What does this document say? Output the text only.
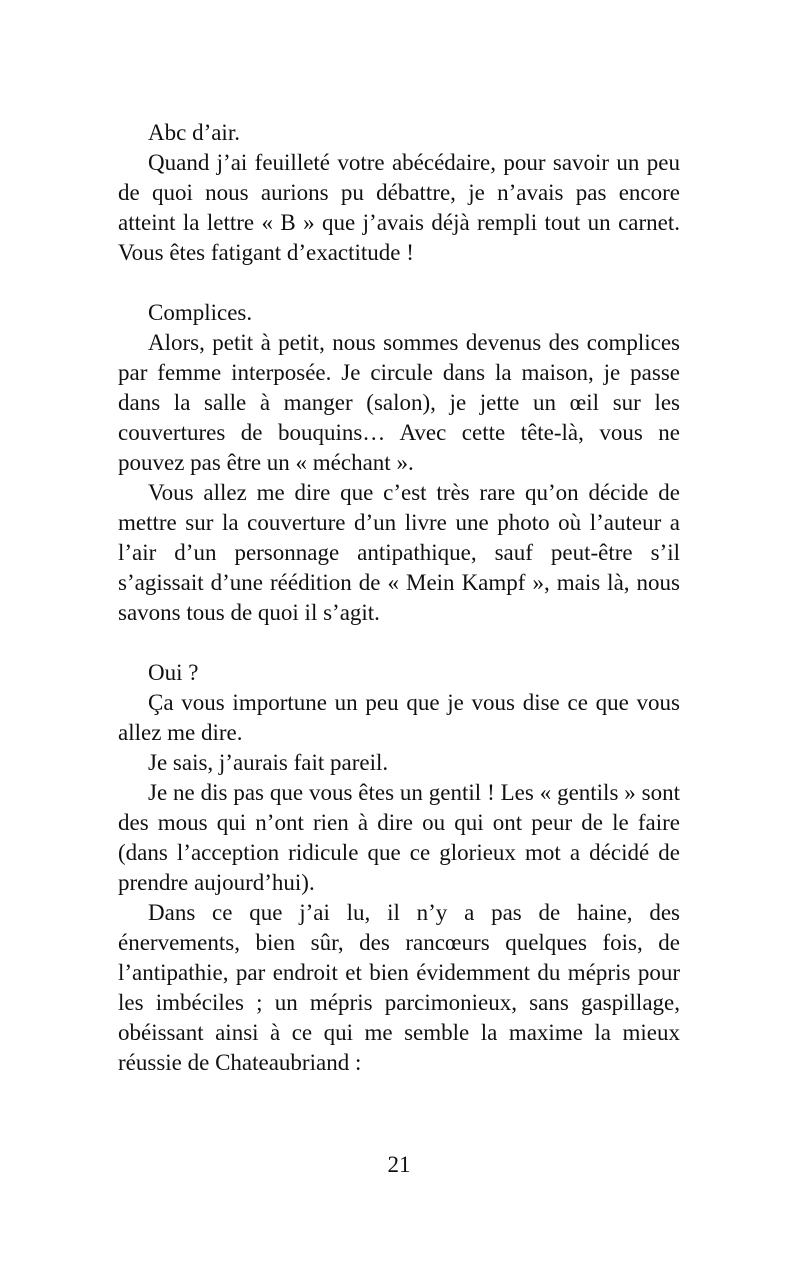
Abc d’air.

Quand j’ai feuilleté votre abécédaire, pour savoir un peu de quoi nous aurions pu débattre, je n’avais pas encore atteint la lettre « B » que j’avais déjà rempli tout un carnet. Vous êtes fatigant d’exactitude !

Complices.

Alors, petit à petit, nous sommes devenus des complices par femme interposée. Je circule dans la maison, je passe dans la salle à manger (salon), je jette un œil sur les couvertures de bouquins… Avec cette tête-là, vous ne pouvez pas être un « méchant ».

Vous allez me dire que c’est très rare qu’on décide de mettre sur la couverture d’un livre une photo où l’auteur a l’air d’un personnage antipathique, sauf peut-être s’il s’agissait d’une réédition de « Mein Kampf », mais là, nous savons tous de quoi il s’agit.

Oui ?

Ça vous importune un peu que je vous dise ce que vous allez me dire.

Je sais, j’aurais fait pareil.

Je ne dis pas que vous êtes un gentil ! Les « gentils » sont des mous qui n’ont rien à dire ou qui ont peur de le faire (dans l’acception ridicule que ce glorieux mot a décidé de prendre aujourd’hui).

Dans ce que j’ai lu, il n’y a pas de haine, des énervements, bien sûr, des rancœurs quelques fois, de l’antipathie, par endroit et bien évidemment du mépris pour les imbéciles ; un mépris parcimonieux, sans gaspillage, obéissant ainsi à ce qui me semble la maxime la mieux réussie de Chateaubriand :

21
